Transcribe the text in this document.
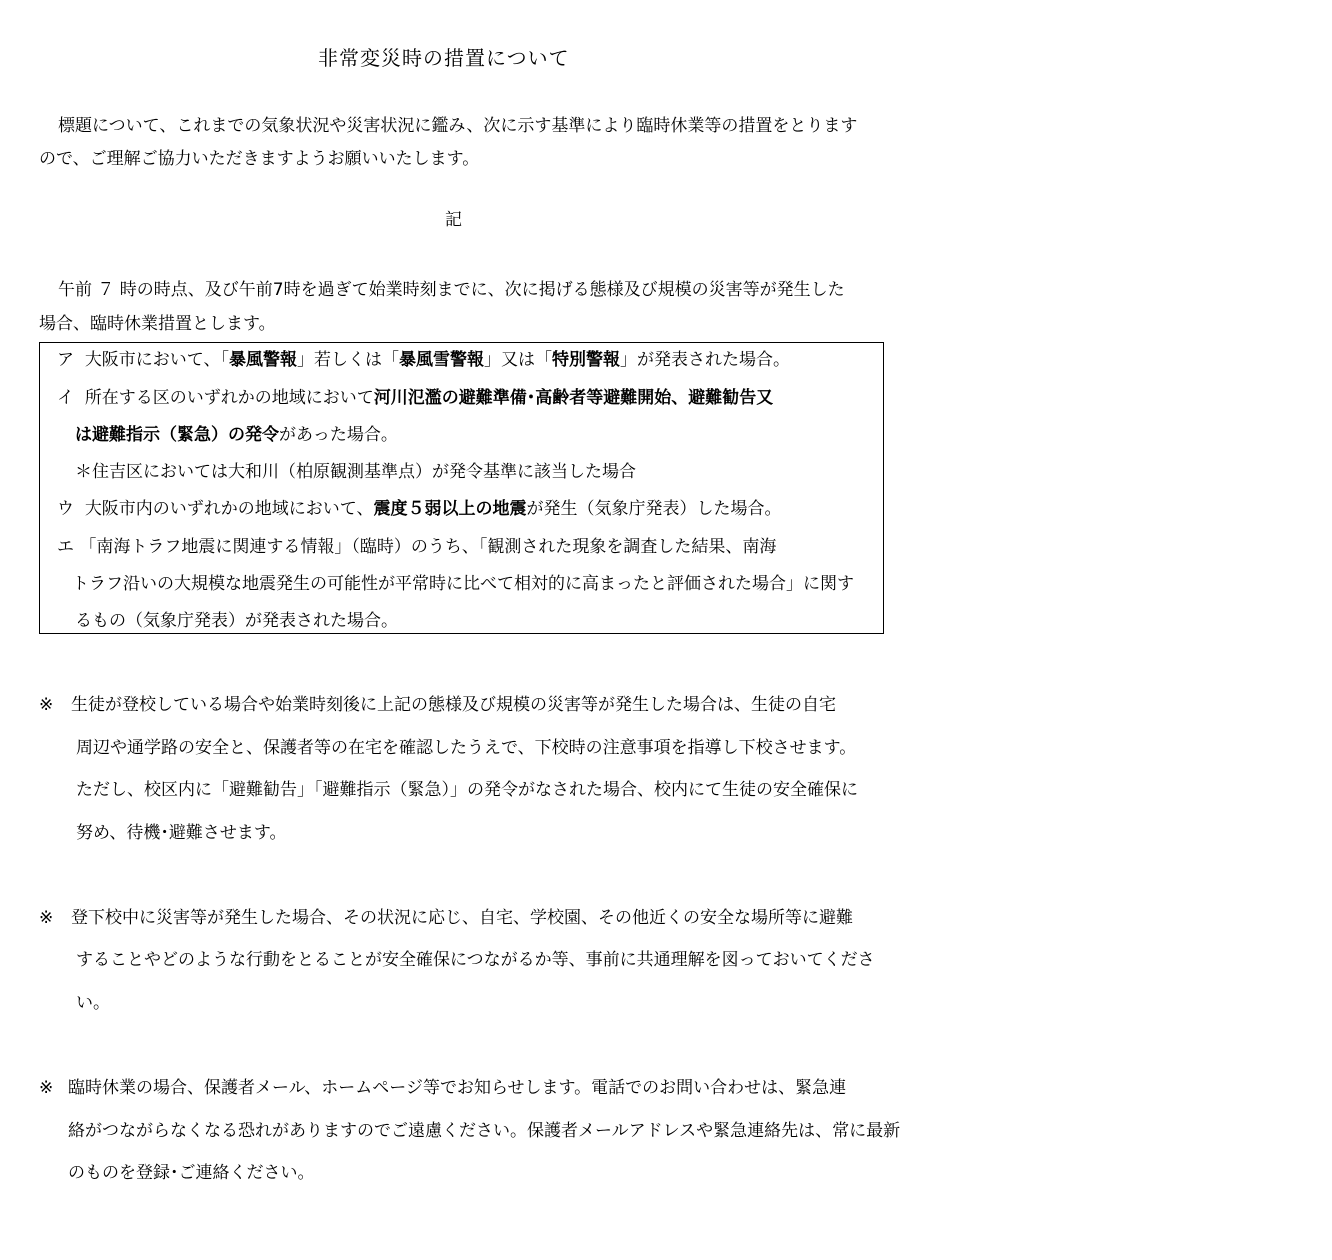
非常変災時の措置について
標題について、これまでの気象状況や災害状況に鑑み、次に示す基準により臨時休業等の措置をとります
ので、ご理解ご協力いただきますようお願いいたします。
記
午前 ７ 時の時点、及び午前7時を過ぎて始業時刻までに、次に掲げる態様及び規模の災害等が発生した
場合、臨時休業措置とします。
ア 大阪市において、「暴風警報」若しくは「暴風雪警報」又は「特別警報」が発表された場合。
イ 所在する区のいずれかの地域において河川氾濫の避難準備･高齢者等避難開始、避難勧告又
は避難指示（緊急）の発令があった場合。
＊住吉区においては大和川（柏原観測基準点）が発令基準に該当した場合
ウ 大阪市内のいずれかの地域において、震度５弱以上の地震が発生（気象庁発表）した場合。
エ 「南海トラフ地震に関連する情報」（臨時）のうち、「観測された現象を調査した結果、南海
トラフ沿いの大規模な地震発生の可能性が平常時に比べて相対的に高まったと評価された場合」に関す
るもの（気象庁発表）が発表された場合。
※ 生徒が登校している場合や始業時刻後に上記の態様及び規模の災害等が発生した場合は、生徒の自宅
周辺や通学路の安全と、保護者等の在宅を確認したうえで、下校時の注意事項を指導し下校させます。
ただし、校区内に「避難勧告」「避難指示（緊急）」の発令がなされた場合、校内にて生徒の安全確保に
努め、待機･避難させます。
※ 登下校中に災害等が発生した場合、その状況に応じ、自宅、学校園、その他近くの安全な場所等に避難
することやどのような行動をとることが安全確保につながるか等、事前に共通理解を図っておいてくださ
い。
※ 臨時休業の場合、保護者メール、ホームページ等でお知らせします。電話でのお問い合わせは、緊急連
絡がつながらなくなる恐れがありますのでご遠慮ください。保護者メールアドレスや緊急連絡先は、常に最新
のものを登録･ご連絡ください。
